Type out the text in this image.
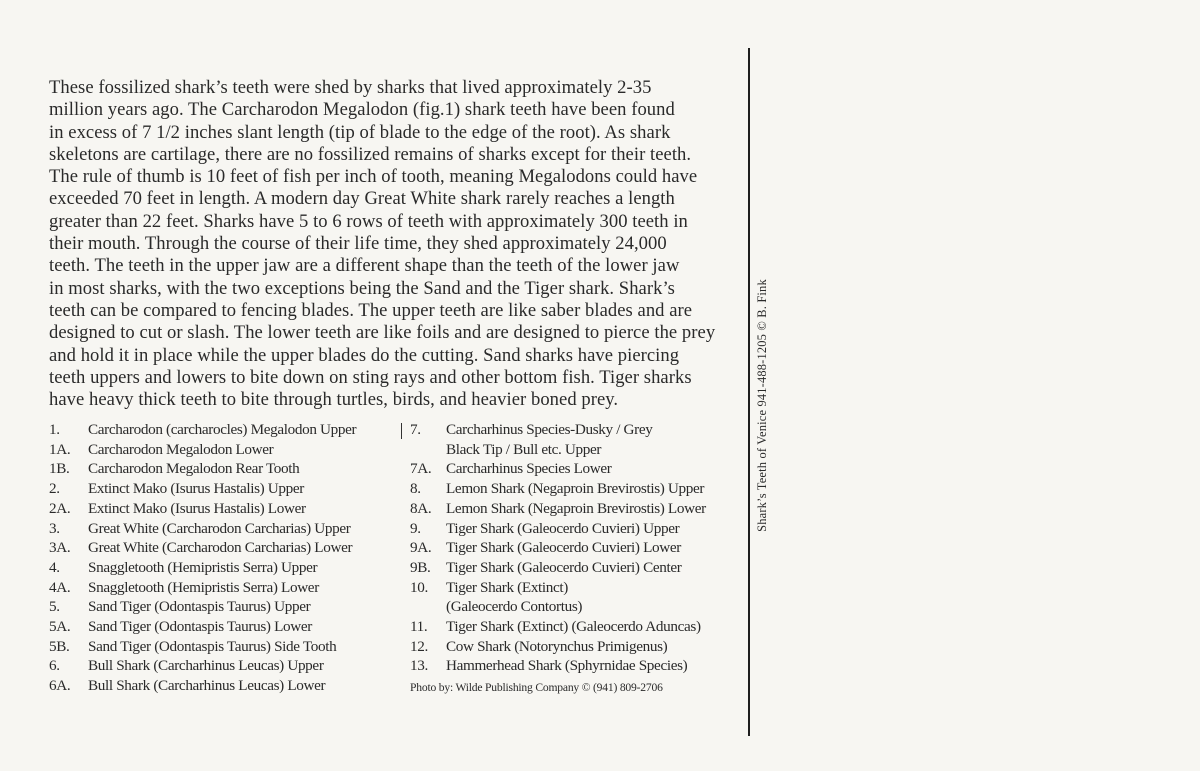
These fossilized shark’s teeth were shed by sharks that lived approximately 2-35
million years ago. The Carcharodon Megalodon (fig.1) shark teeth have been found
in excess of 7 1/2 inches slant length (tip of blade to the edge of the root). As shark
skeletons are cartilage, there are no fossilized remains of sharks except for their teeth.
The rule of thumb is 10 feet of fish per inch of tooth, meaning Megalodons could have
exceeded 70 feet in length. A modern day Great White shark rarely reaches a length
greater than 22 feet. Sharks have 5 to 6 rows of teeth with approximately 300 teeth in
their mouth. Through the course of their life time, they shed approximately 24,000
teeth. The teeth in the upper jaw are a different shape than the teeth of the lower jaw
in most sharks, with the two exceptions being the Sand and the Tiger shark. Shark’s
teeth can be compared to fencing blades. The upper teeth are like saber blades and are
designed to cut or slash. The lower teeth are like foils and are designed to pierce the prey
and hold it in place while the upper blades do the cutting. Sand sharks have piercing
teeth uppers and lowers to bite down on sting rays and other bottom fish. Tiger sharks
have heavy thick teeth to bite through turtles, birds, and heavier boned prey.
1.	Carcharodon (carcharocles) Megalodon Upper
1A.	Carcharodon Megalodon Lower
1B.	Carcharodon Megalodon Rear Tooth
2.	Extinct Mako (Isurus Hastalis) Upper
2A.	Extinct Mako (Isurus Hastalis) Lower
3.	Great White (Carcharodon Carcharias) Upper
3A.	Great White (Carcharodon Carcharias) Lower
4.	Snaggletooth (Hemipristis Serra) Upper
4A.	Snaggletooth (Hemipristis Serra) Lower
5.	Sand Tiger (Odontaspis Taurus) Upper
5A.	Sand Tiger (Odontaspis Taurus) Lower
5B.	Sand Tiger (Odontaspis Taurus) Side Tooth
6.	Bull Shark (Carcharhinus Leucas) Upper
6A.	Bull Shark (Carcharhinus Leucas) Lower
7.	Carcharhinus Species-Dusky / Grey
Black Tip / Bull etc. Upper
7A. Carcharhinus Species Lower
8.	Lemon Shark (Negaproin Brevirostis) Upper
8A. Lemon Shark (Negaproin Brevirostis) Lower
9.	Tiger Shark (Galeocerdo Cuvieri) Upper
9A. Tiger Shark (Galeocerdo Cuvieri) Lower
9B.	Tiger Shark (Galeocerdo Cuvieri) Center
10.	Tiger Shark (Extinct)
(Galeocerdo Contortus)
11.	Tiger Shark (Extinct) (Galeocerdo Aduncas)
12.	Cow Shark (Notorynchus Primigenus)
13.	Hammerhead Shark (Sphyrnidae Species)
Photo by: Wilde Publishing Company © (941) 809-2706
Shark’s Teeth of Venice 941-488-1205 © B. Fink
